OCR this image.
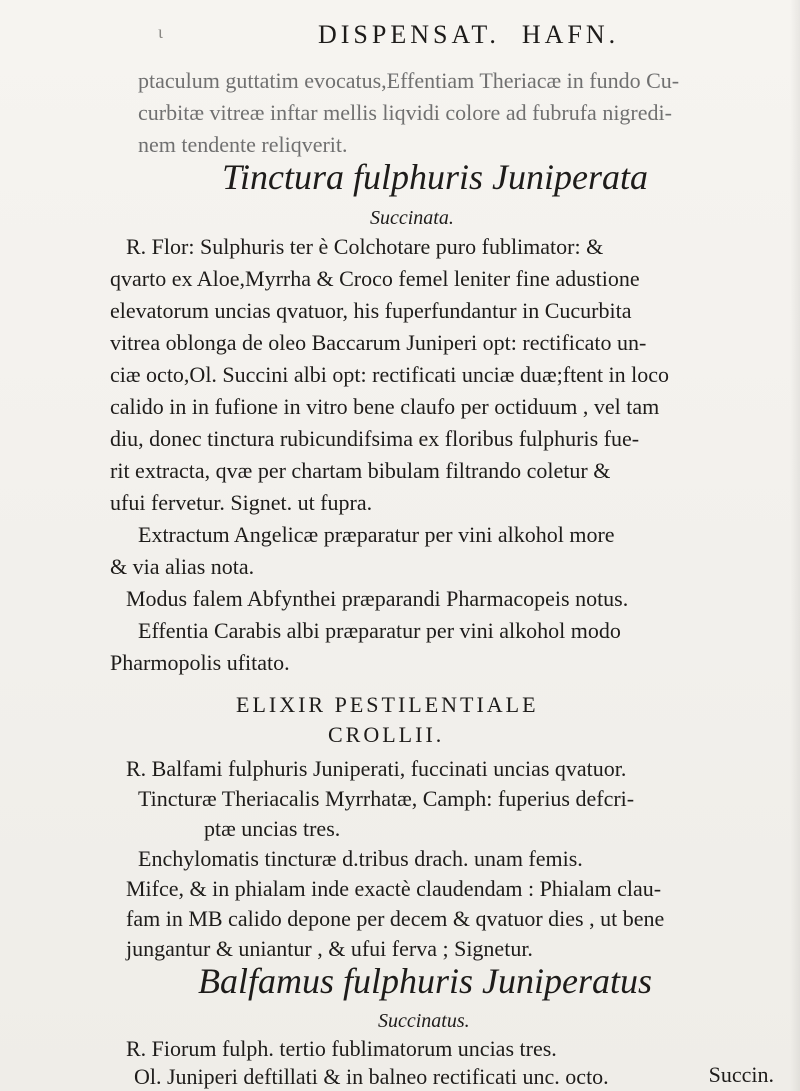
ι	DISPENSAT. HAFN.
ptaculum guttatim evocatus,Effentiam Theriacæ in fundo Cu-
curbitæ vitreæ inftar mellis liqvidi colore ad fubrufa nigredi-
nem tendente reliqverit.
Tinctura fulphuris Juniperata
Succinata.
R. Flor: Sulphuris ter è Colchotare puro fublimator: &
qvarto ex Aloe,Myrrha & Croco femel leniter fine adustione
elevatorum uncias qvatuor, his fuperfundantur in Cucurbita
vitrea oblonga de oleo Baccarum Juniperi opt: rectificato un-
ciæ octo,Ol. Succini albi opt: rectificati unciæ duæ;ftent in loco
calido in in fufione in vitro bene claufo per octiduum , vel tam
diu, donec tinctura rubicundifsima ex floribus fulphuris fue-
rit extracta, qvæ per chartam bibulam filtrando coletur &
ufui fervetur. Signet. ut fupra.
Extractum Angelicæ præparatur per vini alkohol more
& via alias nota.
Modus falem Abfynthei præparandi Pharmacopeis notus.
Effentia Carabis albi præparatur per vini alkohol modo
Pharmopolis ufitato.
ELIXIR PESTILENTIALE
CROLLII.
R. Balfami fulphuris Juniperati, fuccinati uncias qvatuor.
Tincturæ Theriacalis Myrrhatæ, Camph: fuperius defcri-
ptæ uncias tres.
Enchylomatis tincturæ d.tribus drach. unam femis.
Mifce, & in phialam inde exactè claudendam : Phialam clau-
fam in MB calido depone per decem & qvatuor dies , ut bene
jungantur & uniantur , & ufui ferva ; Signetur.
Balfamus fulphuris Juniperatus
Succinatus.
R. Fiorum fulph. tertio fublimatorum uncias tres.
Ol. Juniperi deftillati & in balneo rectificati unc. octo.	Succin.
